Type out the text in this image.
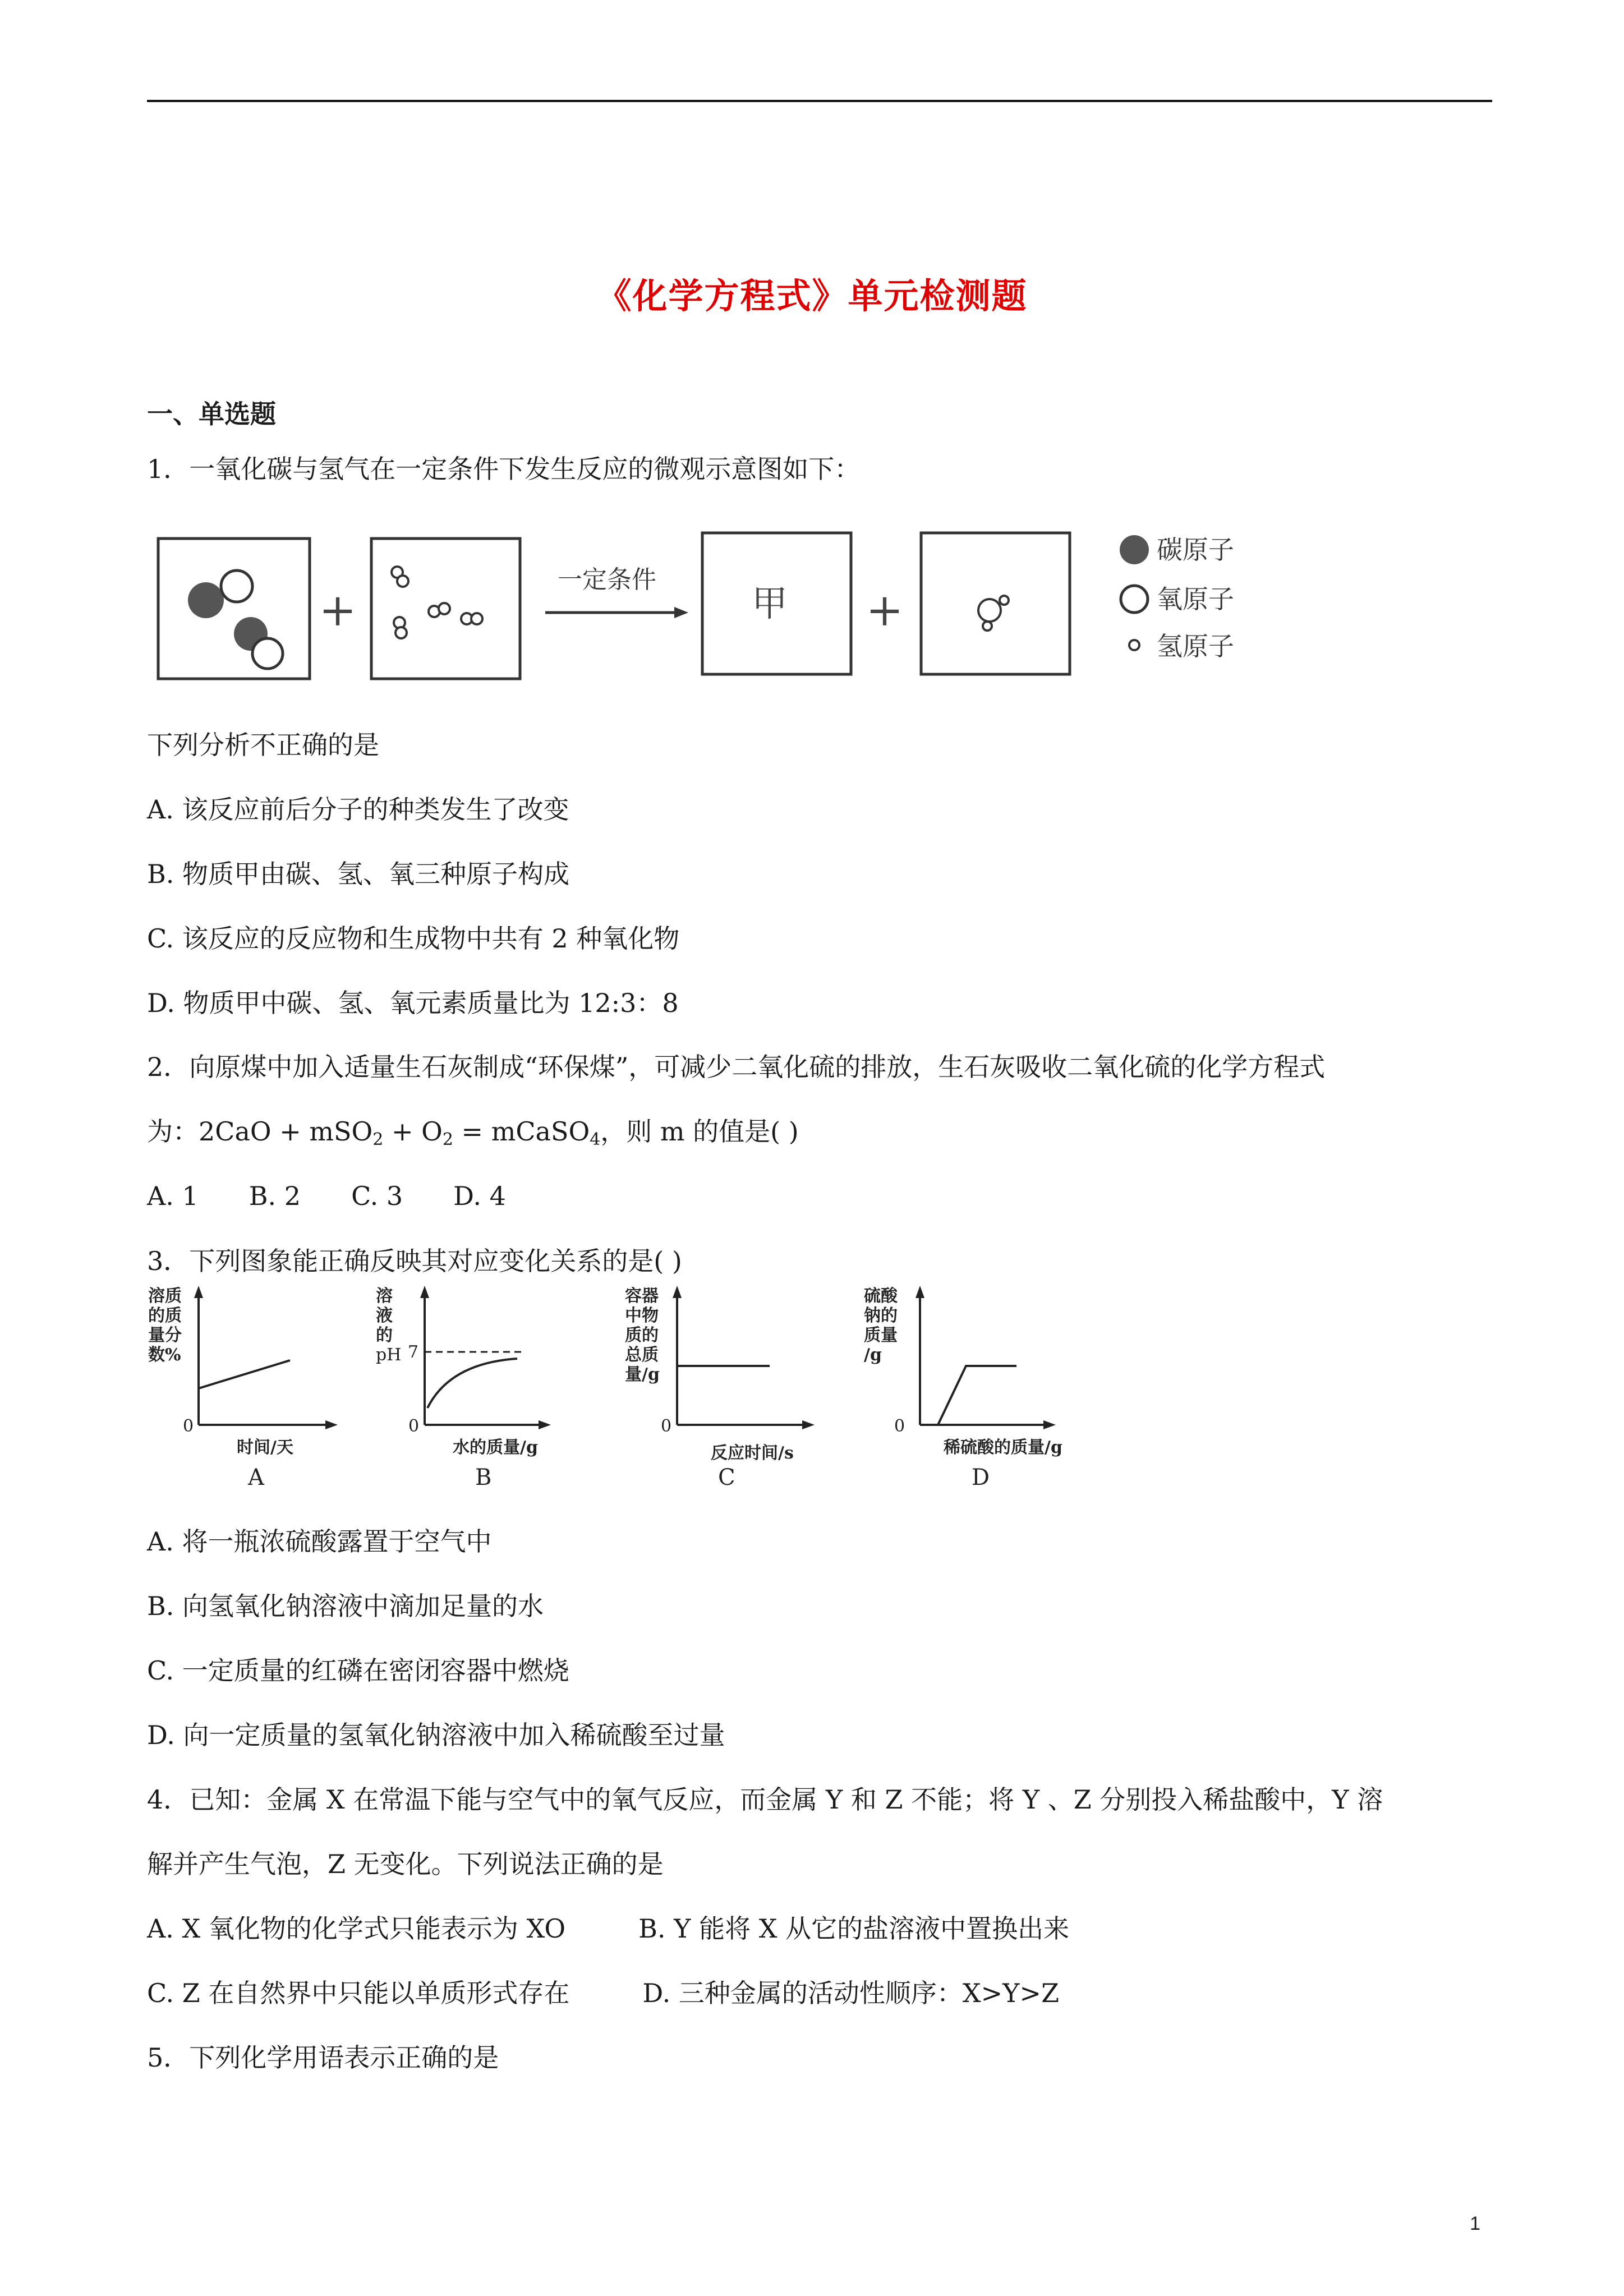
《化学方程式》单元检测题
一、单选题
1．一氧化碳与氢气在一定条件下发生反应的微观示意图如下：
+
一定条件
甲 +
碳原子
氧原子
氢原子
下列分析不正确的是
A. 该反应前后分子的种类发生了改变
B. 物质甲由碳、氢、氧三种原子构成
C. 该反应的反应物和生成物中共有 2 种氧化物
D. 物质甲中碳、氢、氧元素质量比为 12:3：8
2．向原煤中加入适量生石灰制成“环保煤”，可减少二氧化硫的排放，生石灰吸收二氧化硫的化学方程式
为：$2CaO + mSO_2 + O_2$ = mCaSO$_4$，则 m 的值是( )
A. 1 B. 2 C. 3 D. 4
3．下列图象能正确反映其对应变化关系的是( )
溶质
的质
量分
数%
0
时间/天
A
溶
液
的
pH 7
0
水的质量/g
B
容器
中物
质的
总质
量/g
0
反应时间/s
C
硫酸
钠的
质量
/g
0
稀硫酸的质量/g
D
A. 将一瓶浓硫酸露置于空气中
B. 向氢氧化钠溶液中滴加足量的水
C. 一定质量的红磷在密闭容器中燃烧
D. 向一定质量的氢氧化钠溶液中加入稀硫酸至过量
4．已知：金属 X 在常温下能与空气中的氧气反应，而金属 Y 和 Z 不能；将 Y 、Z 分别投入稀盐酸中，Y 溶
解并产生气泡，Z 无变化。下列说法正确的是
A. X 氧化物的化学式只能表示为 XO	B. Y 能将 X 从它的盐溶液中置换出来
C. Z 在自然界中只能以单质形式存在	D. 三种金属的活动性顺序：X>Y>Z
5．下列化学用语表示正确的是
1
